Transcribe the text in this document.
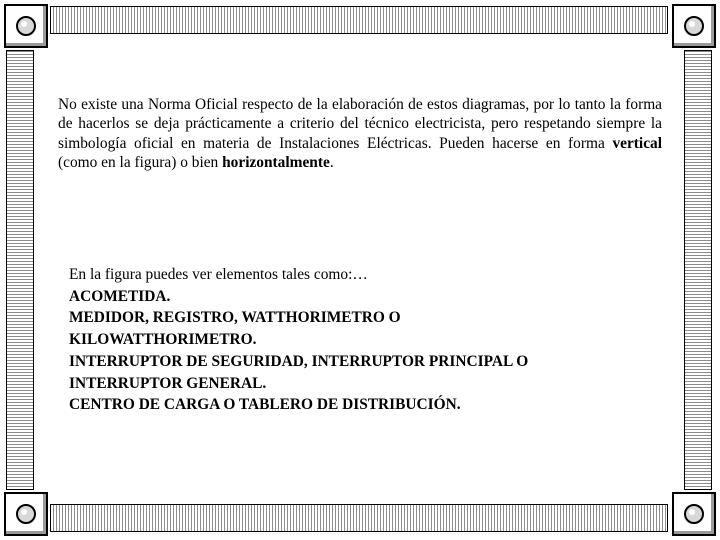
No existe una Norma Oficial respecto de la elaboración de estos diagramas, por lo tanto la forma de hacerlos se deja prácticamente a criterio del técnico electricista, pero respetando siempre la simbología oficial en materia de Instalaciones Eléctricas. Pueden hacerse en forma vertical (como en la figura) o bien horizontalmente.
En la figura puedes ver elementos tales como:…
ACOMETIDA.
MEDIDOR, REGISTRO, WATTHORIMETRO O
KILOWATTHORIMETRO.
INTERRUPTOR DE SEGURIDAD, INTERRUPTOR PRINCIPAL O
INTERRUPTOR GENERAL.
CENTRO DE CARGA O TABLERO DE DISTRIBUCIÓN.
